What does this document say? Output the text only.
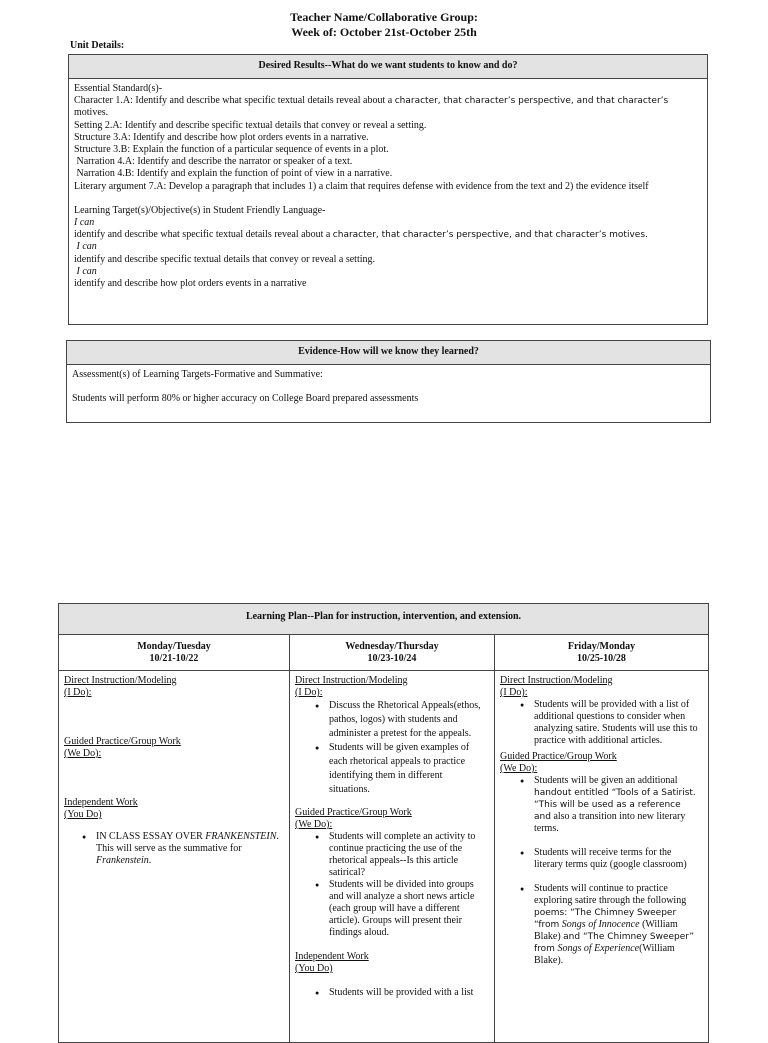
Teacher Name/Collaborative Group:
Week of: October 21st-October 25th
Unit Details:
Desired Results--What do we want students to know and do?
Essential Standard(s)-
Character 1.A: Identify and describe what specific textual details reveal about a character, that character’s perspective, and that character’s
motives.
Setting 2.A: Identify and describe specific textual details that convey or reveal a setting.
Structure 3.A: Identify and describe how plot orders events in a narrative.
Structure 3.B: Explain the function of a particular sequence of events in a plot.
Narration 4.A: Identify and describe the narrator or speaker of a text.
Narration 4.B: Identify and explain the function of point of view in a narrative.
Literary argument 7.A: Develop a paragraph that includes 1) a claim that requires defense with evidence from the text and 2) the evidence itself
Learning Target(s)/Objective(s) in Student Friendly Language-
I can
identify and describe what specific textual details reveal about a character, that character’s perspective, and that character’s motives.
I can
identify and describe specific textual details that convey or reveal a setting.
I can
identify and describe how plot orders events in a narrative
Evidence-How will we know they learned?
Assessment(s) of Learning Targets-Formative and Summative:
Students will perform 80% or higher accuracy on College Board prepared assessments
Learning Plan--Plan for instruction, intervention, and extension.
Monday/Tuesday
10/21-10/22
Direct Instruction/Modeling
(I Do):
Guided Practice/Group Work
(We Do):
Independent Work
(You Do)
● IN CLASS ESSAY OVER FRANKENSTEIN. This will serve as the summative for Frankenstein.
Wednesday/Thursday
10/23-10/24
Direct Instruction/Modeling
(I Do):
● Discuss the Rhetorical Appeals(ethos, pathos, logos) with students and administer a pretest for the appeals.
● Students will be given examples of each rhetorical appeals to practice identifying them in different situations.
Guided Practice/Group Work
(We Do):
● Students will complete an activity to continue practicing the use of the rhetorical appeals--Is this article satirical?
● Students will be divided into groups and will analyze a short news article (each group will have a different article). Groups will present their findings aloud.
Independent Work
(You Do)
● Students will be provided with a list
Friday/Monday
10/25-10/28
Direct Instruction/Modeling
(I Do):
● Students will be provided with a list of additional questions to consider when analyzing satire. Students will use this to practice with additional articles.
Guided Practice/Group Work
(We Do):
● Students will be given an additional handout entitled “Tools of a Satirist. “This will be used as a reference and also a transition into new literary terms.
● Students will receive terms for the literary terms quiz (google classroom)
● Students will continue to practice exploring satire through the following poems: “The Chimney Sweeper “from Songs of Innocence (William Blake) and “The Chimney Sweeper” from Songs of Experience(William Blake).
